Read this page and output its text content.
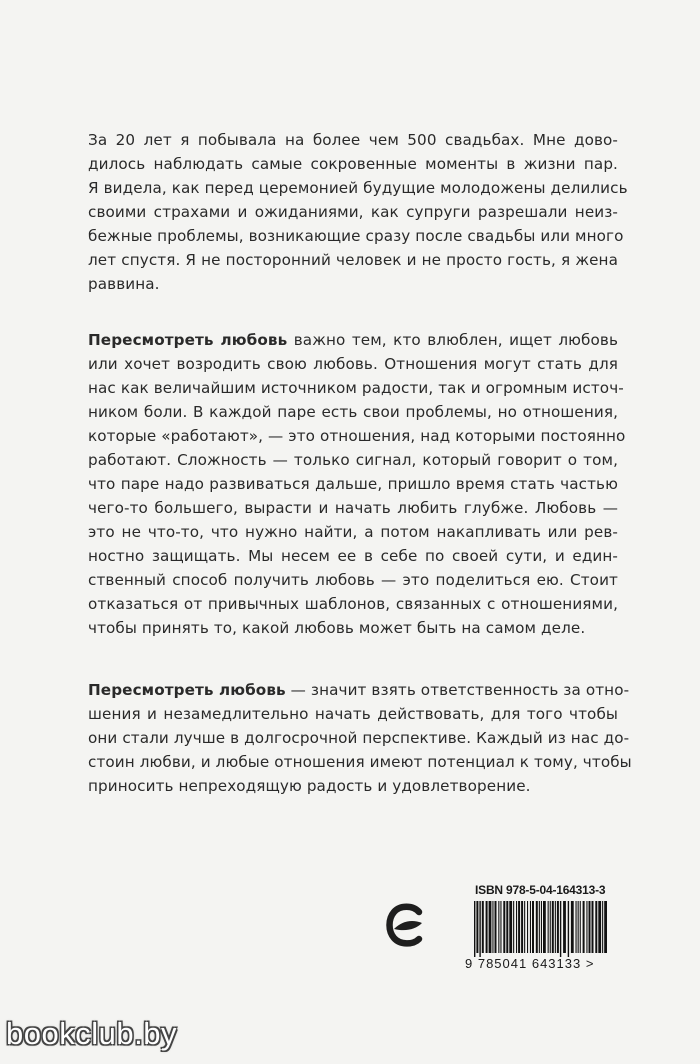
За 20 лет я побывала на более чем 500 свадьбах. Мне дово-
дилось наблюдать самые сокровенные моменты в жизни пар.
Я видела, как перед церемонией будущие молодожены делились
своими страхами и ожиданиями, как супруги разрешали неиз-
бежные проблемы, возникающие сразу после свадьбы или много
лет спустя. Я не посторонний человек и не просто гость, я жена
раввина.

Пересмотреть любовь важно тем, кто влюблен, ищет любовь
или хочет возродить свою любовь. Отношения могут стать для
нас как величайшим источником радости, так и огромным источ-
ником боли. В каждой паре есть свои проблемы, но отношения,
которые «работают», — это отношения, над которыми постоянно
работают. Сложность — только сигнал, который говорит о том,
что паре надо развиваться дальше, пришло время стать частью
чего-то большего, вырасти и начать любить глубже. Любовь —
это не что-то, что нужно найти, а потом накапливать или рев-
ностно защищать. Мы несем ее в себе по своей сути, и един-
ственный способ получить любовь — это поделиться ею. Стоит
отказаться от привычных шаблонов, связанных с отношениями,
чтобы принять то, какой любовь может быть на самом деле.

Пересмотреть любовь — значит взять ответственность за отно-
шения и незамедлительно начать действовать, для того чтобы
они стали лучше в долгосрочной перспективе. Каждый из нас до-
стоин любви, и любые отношения имеют потенциал к тому, чтобы
приносить непреходящую радость и удовлетворение.

ISBN 978-5-04-164313-3
9 785041 643133 >
bookclub.by
